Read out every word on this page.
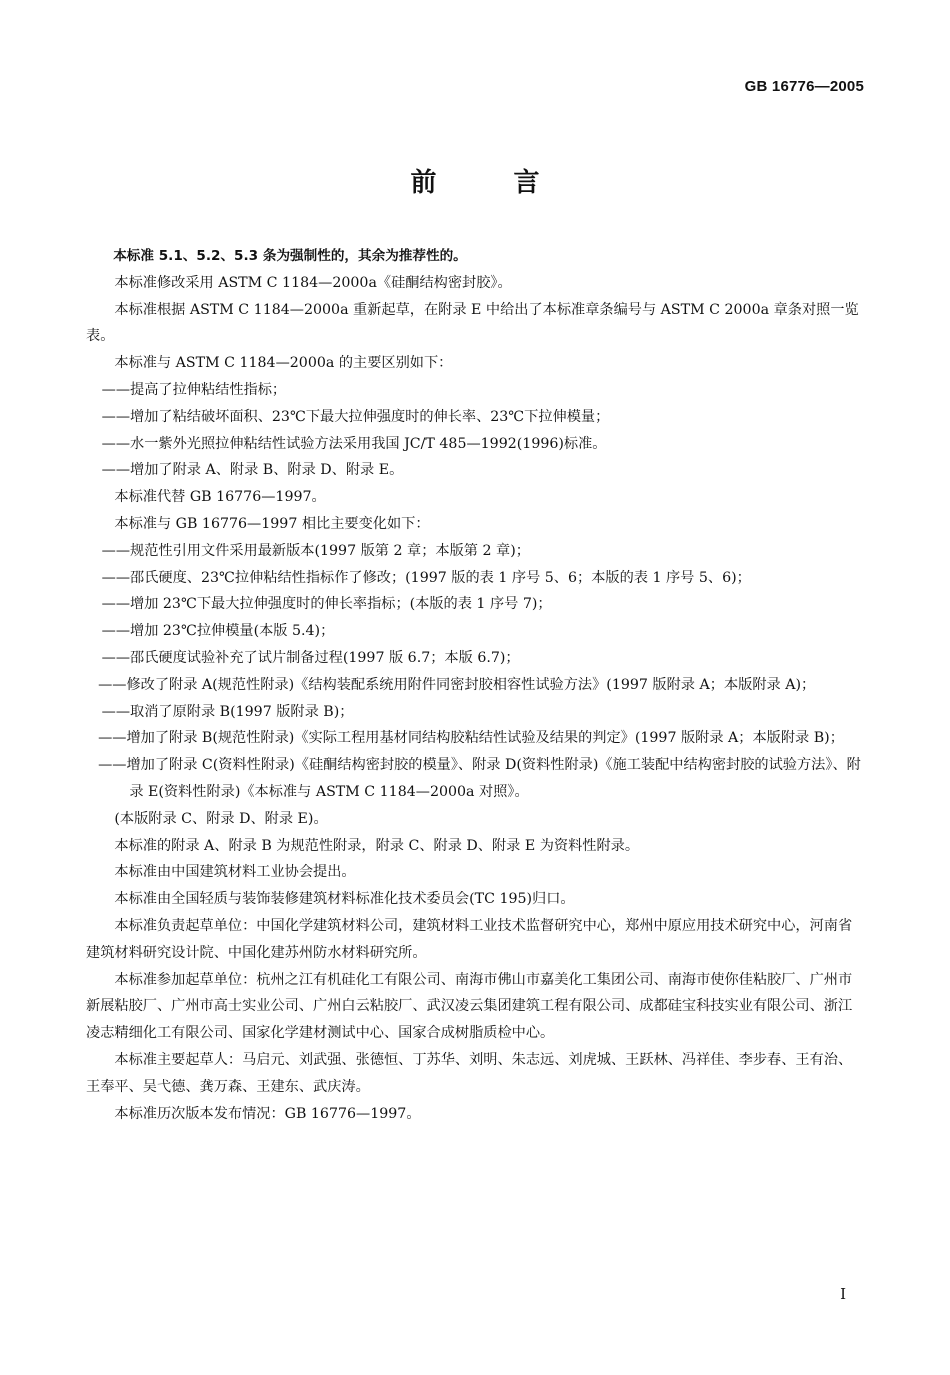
GB 16776—2005
前 言

本标准 5.1、5.2、5.3 条为强制性的，其余为推荐性的。

本标准修改采用 ASTM C 1184—2000a《硅酮结构密封胶》。

本标准根据 ASTM C 1184—2000a 重新起草，在附录 E 中给出了本标准章条编号与 ASTM C 2000a 章条对照一览表。

本标准与 ASTM C 1184—2000a 的主要区别如下：

——提高了拉伸粘结性指标；

——增加了粘结破坏面积、23℃下最大拉伸强度时的伸长率、23℃下拉伸模量；

——水一紫外光照拉伸粘结性试验方法采用我国 JC/T 485—1992(1996)标准。

——增加了附录 A、附录 B、附录 D、附录 E。

本标准代替 GB 16776—1997。

本标准与 GB 16776—1997 相比主要变化如下：

——规范性引用文件采用最新版本(1997 版第 2 章；本版第 2 章)；

——邵氏硬度、23℃拉伸粘结性指标作了修改；(1997 版的表 1 序号 5、6；本版的表 1 序号 5、6)；

——增加 23℃下最大拉伸强度时的伸长率指标；(本版的表 1 序号 7)；

——增加 23℃拉伸模量(本版 5.4)；

——邵氏硬度试验补充了试片制备过程(1997 版 6.7；本版 6.7)；

——修改了附录 A(规范性附录)《结构装配系统用附件同密封胶相容性试验方法》(1997 版附录 A；本版附录 A)；

——取消了原附录 B(1997 版附录 B)；

——增加了附录 B(规范性附录)《实际工程用基材同结构胶粘结性试验及结果的判定》(1997 版附录 A；本版附录 B)；

——增加了附录 C(资料性附录)《硅酮结构密封胶的模量》、附录 D(资料性附录)《施工装配中结构密封胶的试验方法》、附录 E(资料性附录)《本标准与 ASTM C 1184—2000a 对照》。

(本版附录 C、附录 D、附录 E)。

本标准的附录 A、附录 B 为规范性附录，附录 C、附录 D、附录 E 为资料性附录。

本标准由中国建筑材料工业协会提出。

本标准由全国轻质与装饰装修建筑材料标准化技术委员会(TC 195)归口。

本标准负责起草单位：中国化学建筑材料公司，建筑材料工业技术监督研究中心，郑州中原应用技术研究中心，河南省建筑材料研究设计院、中国化建苏州防水材料研究所。

本标准参加起草单位：杭州之江有机硅化工有限公司、南海市佛山市嘉美化工集团公司、南海市使你佳粘胶厂、广州市新展粘胶厂、广州市高士实业公司、广州白云粘胶厂、武汉凌云集团建筑工程有限公司、成都硅宝科技实业有限公司、浙江凌志精细化工有限公司、国家化学建材测试中心、国家合成树脂质检中心。

本标准主要起草人：马启元、刘武强、张德恒、丁苏华、刘明、朱志远、刘虎城、王跃林、冯祥佳、李步春、王有治、王奉平、吴弋德、龚万森、王建东、武庆涛。

本标准历次版本发布情况：GB 16776—1997。

I
